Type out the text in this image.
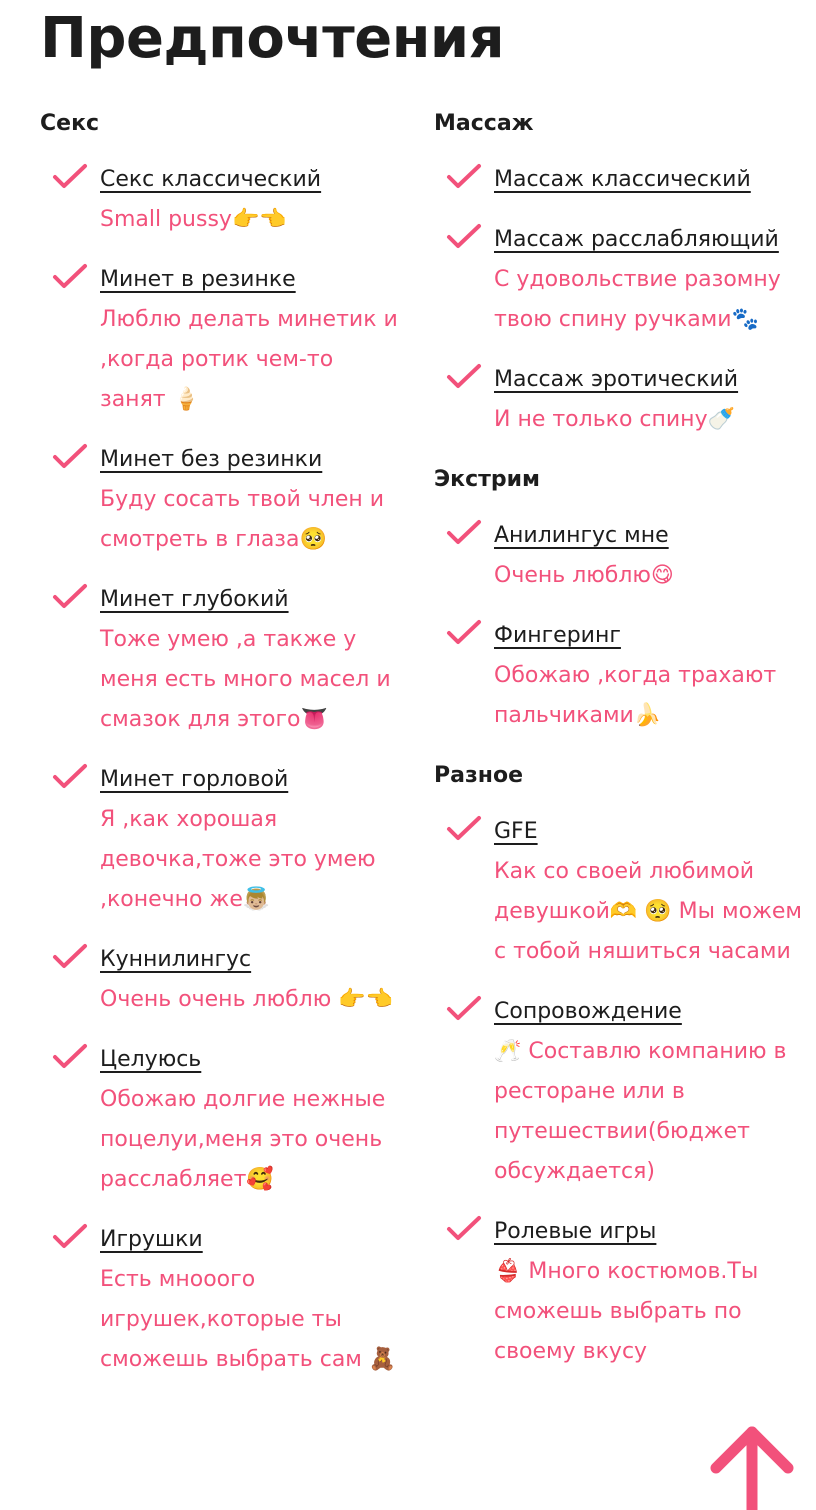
Предпочтения
Секс
Секс классический
Small pussy👉👈
Минет в резинке
Люблю делать минетик и ,когда ротик чем-то занят 🍦
Минет без резинки
Буду сосать твой член и смотреть в глаза🥺
Минет глубокий
Тоже умею ,а также у меня есть много масел и смазок для этого👅
Минет горловой
Я ,как хорошая девочка,тоже это умею ,конечно же👼🏼
Куннилингус
Очень очень люблю 👉👈
Целуюсь
Обожаю долгие нежные поцелуи,меня это очень расслабляет🥰
Игрушки
Есть мнооого игрушек,которые ты сможешь выбрать сам 🧸
Массаж
Массаж классический
Массаж расслабляющий
С удовольствие разомну твою спину ручками🐾
Массаж эротический
И не только спину🍼
Экстрим
Анилингус мне
Очень люблю😋
Фингеринг
Обожаю ,когда трахают пальчиками🍌
Разное
GFE
Как со своей любимой девушкой🫶 🥺 Мы можем с тобой няшиться часами
Сопровождение
🥂 Составлю компанию в ресторане или в путешествии(бюджет обсуждается)
Ролевые игры
👙 Много костюмов.Ты сможешь выбрать по своему вкусу
